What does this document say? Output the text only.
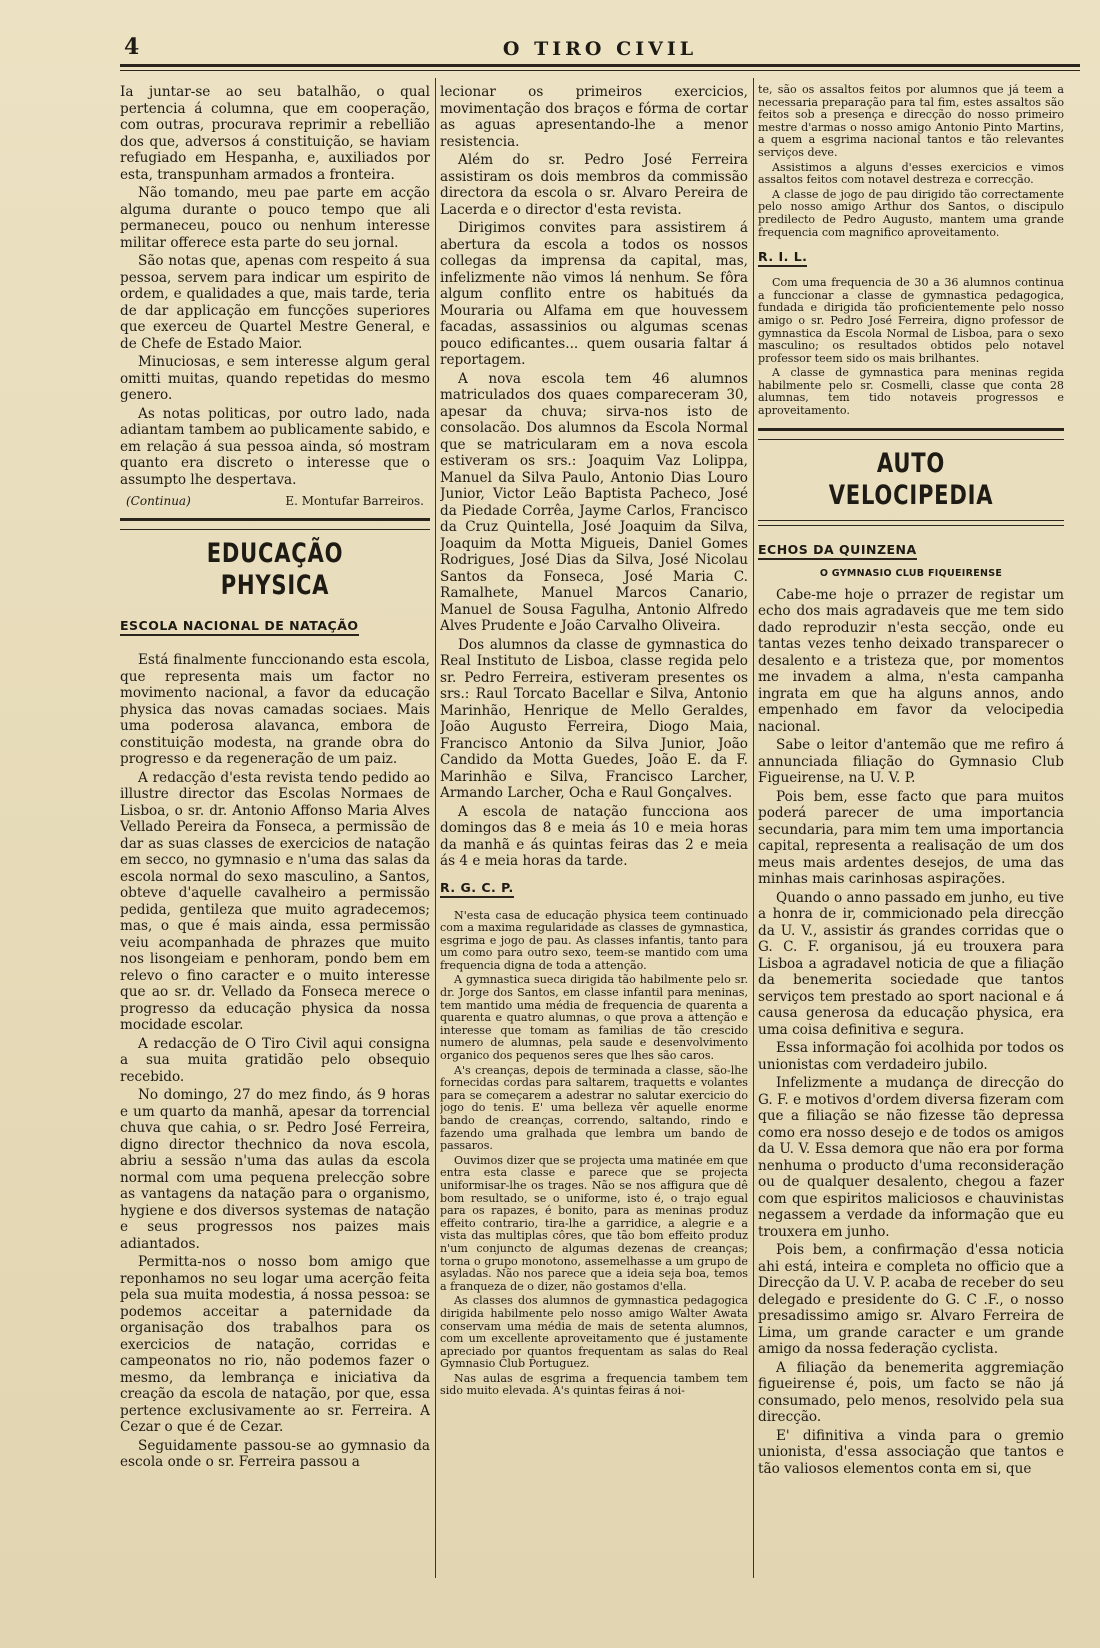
4	O TIRO CIVIL

Ia juntar-se ao seu batalhão, o qual pertencia á columna, que em cooperação, com outras, procurava reprimir a rebellião dos que, adversos á constituição, se haviam refugiado em Hespanha, e, auxiliados por esta, transpunham armados a fronteira.

Não tomando, meu pae parte em acção alguma durante o pouco tempo que ali permaneceu, pouco ou nenhum interesse militar offerece esta parte do seu jornal.

São notas que, apenas com respeito á sua pessoa, servem para indicar um espirito de ordem, e qualidades a que, mais tarde, teria de dar applicação em funcções superiores que exerceu de Quartel Mestre General, e de Chefe de Estado Maior.

Minuciosas, e sem interesse algum geral omitti muitas, quando repetidas do mesmo genero.

As notas politicas, por outro lado, nada adiantam tambem ao publicamente sabido, e em relação á sua pessoa ainda, só mostram quanto era discreto o interesse que o assumpto lhe despertava.

(Continua)	E. Montufar Barreiros.
EDUCAÇÃO PHYSICA
ESCOLA NACIONAL DE NATAÇÃO

Está finalmente funccionando esta escola, que representa mais um factor no movimento nacional, a favor da educação physica das novas camadas sociaes. Mais uma poderosa alavanca, embora de constituição modesta, na grande obra do progresso e da regeneração de um paiz.

A redacção d'esta revista tendo pedido ao illustre director das Escolas Normaes de Lisboa, o sr. dr. Antonio Affonso Maria Alves Vellado Pereira da Fonseca, a permissão de dar as suas classes de exercicios de natação em secco, no gymnasio e n'uma das salas da escola normal do sexo masculino, a Santos, obteve d'aquelle cavalheiro a permissão pedida, gentileza que muito agradecemos; mas, o que é mais ainda, essa permissão veiu acompanhada de phrazes que muito nos lisongeiam e penhoram, pondo bem em relevo o fino caracter e o muito interesse que ao sr. dr. Vellado da Fonseca merece o progresso da educação physica da nossa mocidade escolar.

A redacção de O Tiro Civil aqui consigna a sua muita gratidão pelo obsequio recebido.

No domingo, 27 do mez findo, ás 9 horas e um quarto da manhã, apesar da torrencial chuva que cahia, o sr. Pedro José Ferreira, digno director thechnico da nova escola, abriu a sessão n'uma das aulas da escola normal com uma pequena prelecção sobre as vantagens da natação para o organismo, hygiene e dos diversos systemas de natação e seus progressos nos paizes mais adiantados.

Permitta-nos o nosso bom amigo que reponhamos no seu logar uma acerção feita pela sua muita modestia, á nossa pessoa: se podemos acceitar a paternidade da organisação dos trabalhos para os exercicios de natação, corridas e campeonatos no rio, não podemos fazer o mesmo, da lembrança e iniciativa da creação da escola de natação, por que, essa pertence exclusivamente ao sr. Ferreira. A Cezar o que é de Cezar.

Seguidamente passou-se ao gymnasio da escola onde o sr. Ferreira passou a

lecionar os primeiros exercicios, movimentação dos braços e fórma de cortar as aguas apresentando-lhe a menor resistencia.

Além do sr. Pedro José Ferreira assistiram os dois membros da commissão directora da escola o sr. Alvaro Pereira de Lacerda e o director d'esta revista.

Dirigimos convites para assistirem á abertura da escola a todos os nossos collegas da imprensa da capital, mas, infelizmente não vimos lá nenhum. Se fôra algum conflito entre os habitués da Mouraria ou Alfama em que houvessem facadas, assassinios ou algumas scenas pouco edificantes... quem ousaria faltar á reportagem.

A nova escola tem 46 alumnos matriculados dos quaes compareceram 30, apesar da chuva; sirva-nos isto de consolacão. Dos alumnos da Escola Normal que se matricularam em a nova escola estiveram os srs.: Joaquim Vaz Lolippa, Manuel da Silva Paulo, Antonio Dias Louro Junior, Victor Leão Baptista Pacheco, José da Piedade Corrêa, Jayme Carlos, Francisco da Cruz Quintella, José Joaquim da Silva, Joaquim da Motta Migueis, Daniel Gomes Rodrigues, José Dias da Silva, José Nicolau Santos da Fonseca, José Maria C. Ramalhete, Manuel Marcos Canario, Manuel de Sousa Fagulha, Antonio Alfredo Alves Prudente e João Carvalho Oliveira.

Dos alumnos da classe de gymnastica do Real Instituto de Lisboa, classe regida pelo sr. Pedro Ferreira, estiveram presentes os srs.: Raul Torcato Bacellar e Silva, Antonio Marinhão, Henrique de Mello Geraldes, João Augusto Ferreira, Diogo Maia, Francisco Antonio da Silva Junior, João Candido da Motta Guedes, João E. da F. Marinhão e Silva, Francisco Larcher, Armando Larcher, Ocha e Raul Gonçalves.

A escola de natação funcciona aos domingos das 8 e meia ás 10 e meia horas da manhã e ás quintas feiras das 2 e meia ás 4 e meia horas da tarde.

R. G. C. P.

N'esta casa de educação physica teem continuado com a maxima regularidade as classes de gymnastica, esgrima e jogo de pau. As classes infantis, tanto para um como para outro sexo, teem-se mantido com uma frequencia digna de toda a attenção.

A gymnastica sueca dirigida tão habilmente pelo sr. dr. Jorge dos Santos, em classe infantil para meninas, tem mantido uma média de frequencia de quarenta a quarenta e quatro alumnas, o que prova a attenção e interesse que tomam as familias de tão crescido numero de alumnas, pela saude e desenvolvimento organico dos pequenos seres que lhes são caros.

A's creanças, depois de terminada a classe, são-lhe fornecidas cordas para saltarem, traquetts e volantes para se começarem a adestrar no salutar exercicio do jogo do tenis. E' uma belleza vêr aquelle enorme bando de creanças, correndo, saltando, rindo e fazendo uma gralhada que lembra um bando de passaros.

Ouvimos dizer que se projecta uma matinée em que entra esta classe e parece que se projecta uniformisar-lhe os trages. Não se nos affigura que dê bom resultado, se o uniforme, isto é, o trajo egual para os rapazes, é bonito, para as meninas produz effeito contrario, tira-lhe a garridice, a alegrie e a vista das multiplas côres, que tão bom effeito produz n'um conjuncto de algumas dezenas de creanças; torna o grupo monotono, assemelhasse a um grupo de asyladas. Não nos parece que a ideia seja boa, temos a franqueza de o dizer, não gostamos d'ella.

As classes dos alumnos de gymnastica pedagogica dirigida habilmente pelo nosso amigo Walter Awata conservam uma média de mais de setenta alumnos, com um excellente aproveitamento que é justamente apreciado por quantos frequentam as salas do Real Gymnasio Club Portuguez.

Nas aulas de esgrima a frequencia tambem tem sido muito elevada. A's quintas feiras á noi-

te, são os assaltos feitos por alumnos que já teem a necessaria preparação para tal fim, estes assaltos são feitos sob a presença e direcção do nosso primeiro mestre d'armas o nosso amigo Antonio Pinto Martins, a quem a esgrima nacional tantos e tão relevantes serviços deve.

Assistimos a alguns d'esses exercicios e vimos assaltos feitos com notavel destreza e correcção.

A classe de jogo de pau dirigido tão correctamente pelo nosso amigo Arthur dos Santos, o discipulo predilecto de Pedro Augusto, mantem uma grande frequencia com magnifico aproveitamento.

R. I. L.

Com uma frequencia de 30 a 36 alumnos continua a funccionar a classe de gymnastica pedagogica, fundada e dirigida tão proficientemente pelo nosso amigo o sr. Pedro José Ferreira, digno professor de gymnastica da Escola Normal de Lisboa, para o sexo masculino; os resultados obtidos pelo notavel professor teem sido os mais brilhantes.

A classe de gymnastica para meninas regida habilmente pelo sr. Cosmelli, classe que conta 28 alumnas, tem tido notaveis progressos e aproveitamento.

AUTO VELOCIPEDIA
ECHOS DA QUINZENA
O GYMNASIO CLUB FIQUEIRENSE

Cabe-me hoje o prrazer de registar um echo dos mais agradaveis que me tem sido dado reproduzir n'esta secção, onde eu tantas vezes tenho deixado transparecer o desalento e a tristeza que, por momentos me invadem a alma, n'esta campanha ingrata em que ha alguns annos, ando empenhado em favor da velocipedia nacional.

Sabe o leitor d'antemão que me refiro á annunciada filiação do Gymnasio Club Figueirense, na U. V. P.

Pois bem, esse facto que para muitos poderá parecer de uma importancia secundaria, para mim tem uma importancia capital, representa a realisação de um dos meus mais ardentes desejos, de uma das minhas mais carinhosas aspirações.

Quando o anno passado em junho, eu tive a honra de ir, commicionado pela direcção da U. V., assistir ás grandes corridas que o G. C. F. organisou, já eu trouxera para Lisboa a agradavel noticia de que a filiação da benemerita sociedade que tantos serviços tem prestado ao sport nacional e á causa generosa da educação physica, era uma coisa definitiva e segura.

Essa informação foi acolhida por todos os unionistas com verdadeiro jubilo.

Infelizmente a mudança de direcção do G. F. e motivos d'ordem diversa fizeram com que a filiação se não fizesse tão depressa como era nosso desejo e de todos os amigos da U. V. Essa demora que não era por forma nenhuma o producto d'uma reconsideração ou de qualquer desalento, chegou a fazer com que espiritos maliciosos e chauvinistas negassem a verdade da informação que eu trouxera em junho.

Pois bem, a confirmação d'essa noticia ahi está, inteira e completa no officio que a Direcção da U. V. P. acaba de receber do seu delegado e presidente do G. C .F., o nosso presadissimo amigo sr. Alvaro Ferreira de Lima, um grande caracter e um grande amigo da nossa federação cyclista.

A filiação da benemerita aggremiação figueirense é, pois, um facto se não já consumado, pelo menos, resolvido pela sua direcção.

E' difinitiva a vinda para o gremio unionista, d'essa associação que tantos e tão valiosos elementos conta em si, que
